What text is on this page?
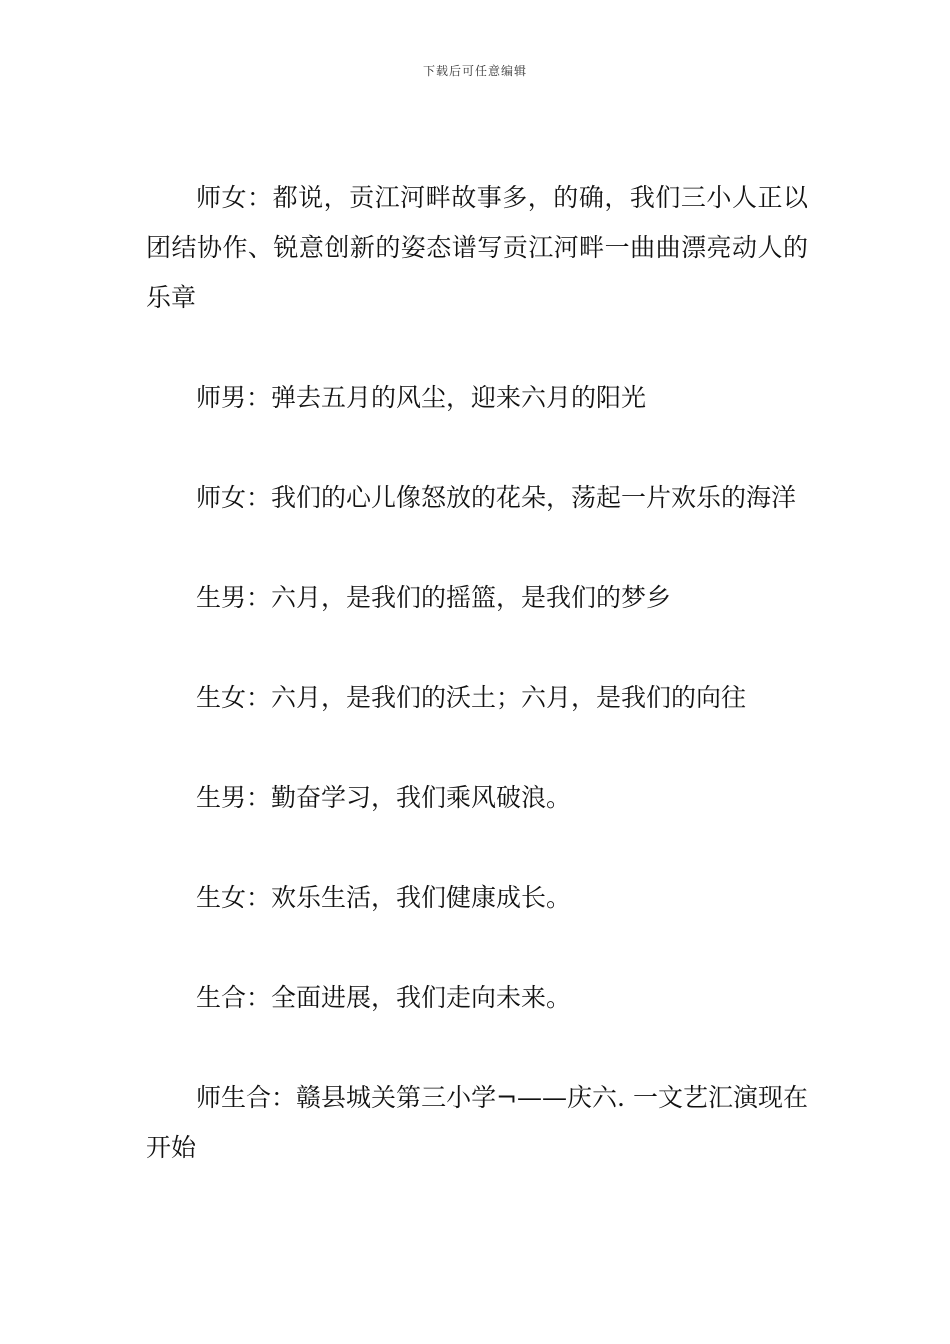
下载后可任意编辑

师女：都说，贡江河畔故事多，的确，我们三小人正以团结协作、锐意创新的姿态谱写贡江河畔一曲曲漂亮动人的乐章

师男：弹去五月的风尘，迎来六月的阳光

师女：我们的心儿像怒放的花朵，荡起一片欢乐的海洋

生男：六月，是我们的摇篮，是我们的梦乡

生女：六月，是我们的沃土；六月，是我们的向往

生男：勤奋学习，我们乘风破浪。

生女：欢乐生活，我们健康成长。

生合：全面进展，我们走向未来。

师生合：赣县城关第三小学¬——庆六. 一文艺汇演现在开始
